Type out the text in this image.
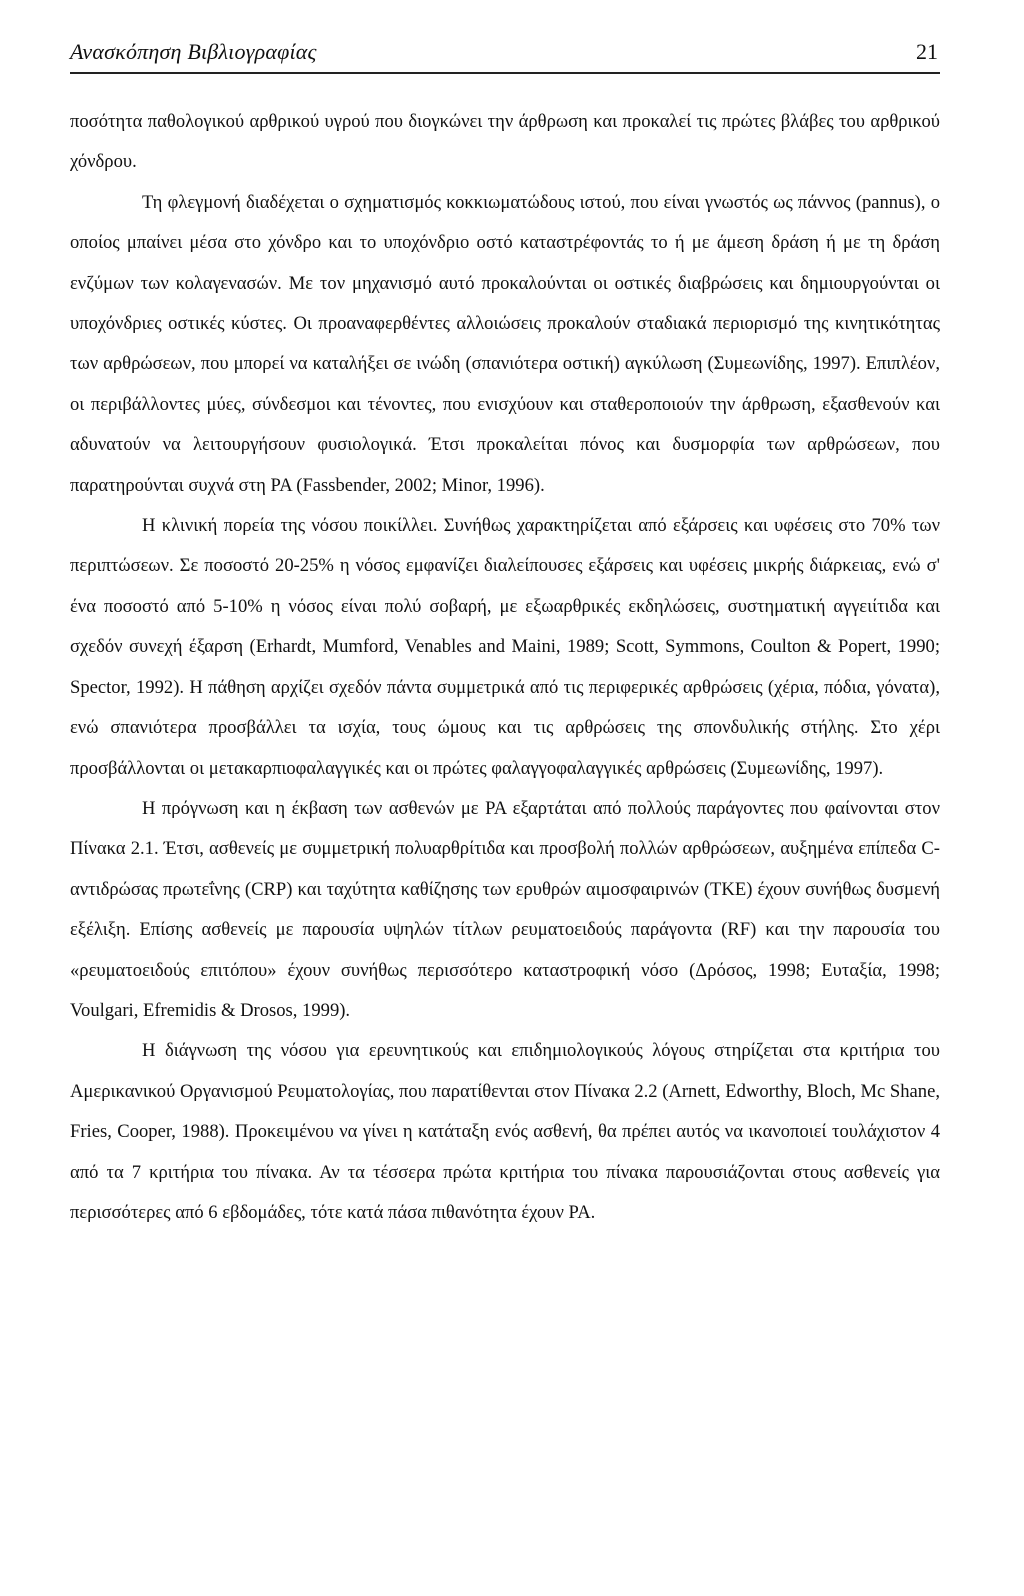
Ανασκόπηση Βιβλιογραφίας	21

ποσότητα παθολογικού αρθρικού υγρού που διογκώνει την άρθρωση και προκαλεί τις πρώτες βλάβες του αρθρικού χόνδρου.

Τη φλεγμονή διαδέχεται ο σχηματισμός κοκκιωματώδους ιστού, που είναι γνωστός ως πάννος (pannus), ο οποίος μπαίνει μέσα στο χόνδρο και το υποχόνδριο οστό καταστρέφοντάς το ή με άμεση δράση ή με τη δράση ενζύμων των κολαγενασών. Με τον μηχανισμό αυτό προκαλούνται οι οστικές διαβρώσεις και δημιουργούνται οι υποχόνδριες οστικές κύστες. Οι προαναφερθέντες αλλοιώσεις προκαλούν σταδιακά περιορισμό της κινητικότητας των αρθρώσεων, που μπορεί να καταλήξει σε ινώδη (σπανιότερα οστική) αγκύλωση (Συμεωνίδης, 1997). Επιπλέον, οι περιβάλλοντες μύες, σύνδεσμοι και τένοντες, που ενισχύουν και σταθεροποιούν την άρθρωση, εξασθενούν και αδυνατούν να λειτουργήσουν φυσιολογικά. Έτσι προκαλείται πόνος και δυσμορφία των αρθρώσεων, που παρατηρούνται συχνά στη ΡΑ (Fassbender, 2002; Minor, 1996).

Η κλινική πορεία της νόσου ποικίλλει. Συνήθως χαρακτηρίζεται από εξάρσεις και υφέσεις στο 70% των περιπτώσεων. Σε ποσοστό 20-25% η νόσος εμφανίζει διαλείπουσες εξάρσεις και υφέσεις μικρής διάρκειας, ενώ σ' ένα ποσοστό από 5-10% η νόσος είναι πολύ σοβαρή, με εξωαρθρικές εκδηλώσεις, συστηματική αγγειίτιδα και σχεδόν συνεχή έξαρση (Erhardt, Mumford, Venables and Maini, 1989; Scott, Symmons, Coulton & Popert, 1990; Spector, 1992). Η πάθηση αρχίζει σχεδόν πάντα συμμετρικά από τις περιφερικές αρθρώσεις (χέρια, πόδια, γόνατα), ενώ σπανιότερα προσβάλλει τα ισχία, τους ώμους και τις αρθρώσεις της σπονδυλικής στήλης. Στο χέρι προσβάλλονται οι μετακαρπιοφαλαγγικές και οι πρώτες φαλαγγοφαλαγγικές αρθρώσεις (Συμεωνίδης, 1997).

Η πρόγνωση και η έκβαση των ασθενών με ΡΑ εξαρτάται από πολλούς παράγοντες που φαίνονται στον Πίνακα 2.1. Έτσι, ασθενείς με συμμετρική πολυαρθρίτιδα και προσβολή πολλών αρθρώσεων, αυξημένα επίπεδα C-αντιδρώσας πρωτεΐνης (CRP) και ταχύτητα καθίζησης των ερυθρών αιμοσφαιρινών (ΤΚΕ) έχουν συνήθως δυσμενή εξέλιξη. Επίσης ασθενείς με παρουσία υψηλών τίτλων ρευματοειδούς παράγοντα (RF) και την παρουσία του «ρευματοειδούς επιτόπου» έχουν συνήθως περισσότερο καταστροφική νόσο (Δρόσος, 1998; Ευταξία, 1998; Voulgari, Efremidis & Drosos, 1999).

Η διάγνωση της νόσου για ερευνητικούς και επιδημιολογικούς λόγους στηρίζεται στα κριτήρια του Αμερικανικού Οργανισμού Ρευματολογίας, που παρατίθενται στον Πίνακα 2.2 (Arnett, Edworthy, Bloch, Mc Shane, Fries, Cooper, 1988). Προκειμένου να γίνει η κατάταξη ενός ασθενή, θα πρέπει αυτός να ικανοποιεί τουλάχιστον 4 από τα 7 κριτήρια του πίνακα. Αν τα τέσσερα πρώτα κριτήρια του πίνακα παρουσιάζονται στους ασθενείς για περισσότερες από 6 εβδομάδες, τότε κατά πάσα πιθανότητα έχουν ΡΑ.
